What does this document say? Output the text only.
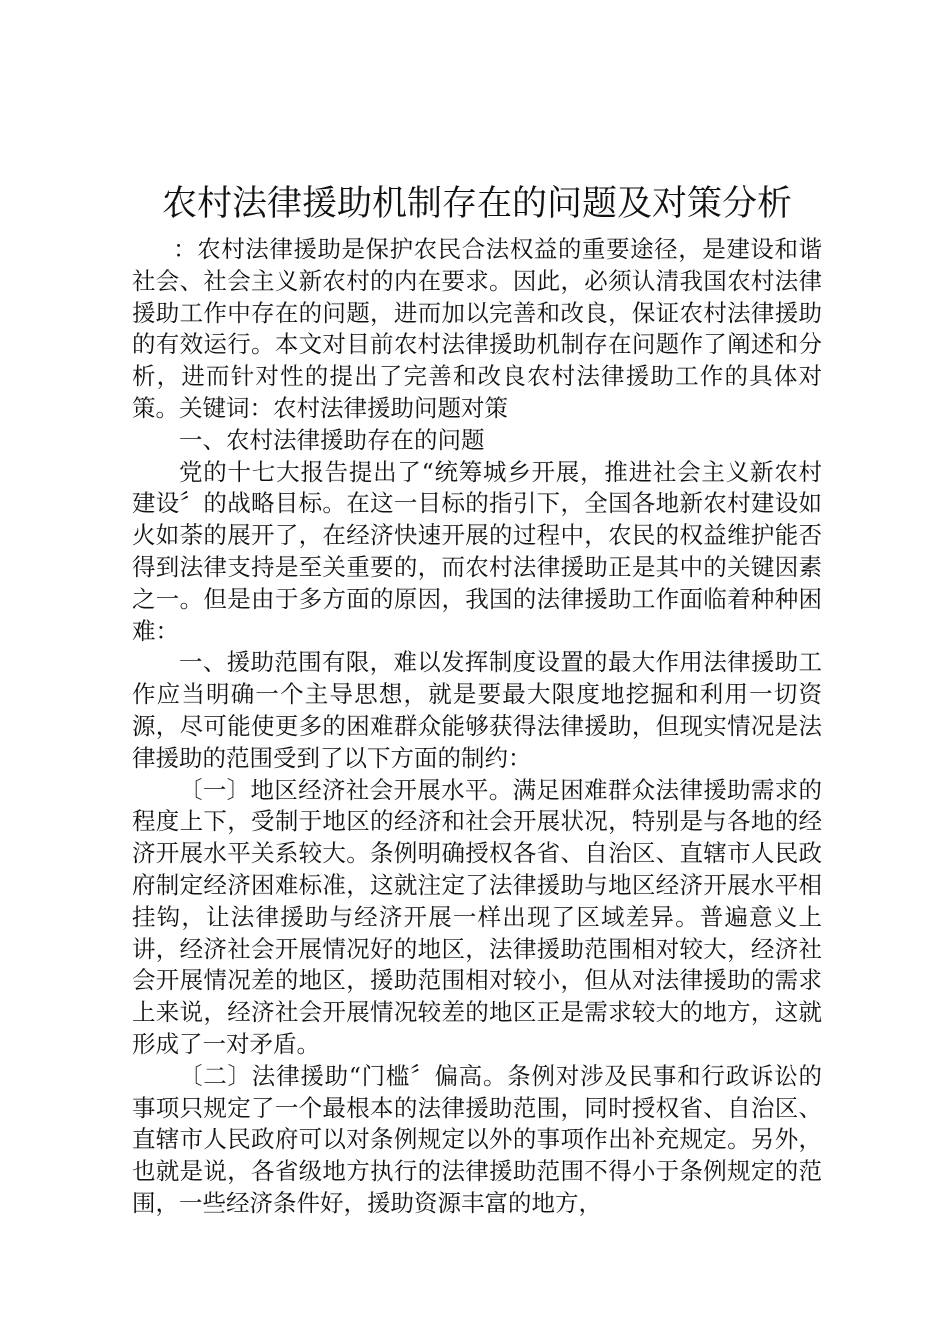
农村法律援助机制存在的问题及对策分析

：农村法律援助是保护农民合法权益的重要途径，是建设和谐社会、社会主义新农村的内在要求。因此，必须认清我国农村法律援助工作中存在的问题，进而加以完善和改良，保证农村法律援助的有效运行。本文对目前农村法律援助机制存在问题作了阐述和分析，进而针对性的提出了完善和改良农村法律援助工作的具体对策。关键词：农村法律援助问题对策

一、农村法律援助存在的问题

党的十七大报告提出了“统筹城乡开展，推进社会主义新农村建设〞的战略目标。在这一目标的指引下，全国各地新农村建设如火如荼的展开了，在经济快速开展的过程中，农民的权益维护能否得到法律支持是至关重要的，而农村法律援助正是其中的关键因素之一。但是由于多方面的原因，我国的法律援助工作面临着种种困难：

一、援助范围有限，难以发挥制度设置的最大作用法律援助工作应当明确一个主导思想，就是要最大限度地挖掘和利用一切资源，尽可能使更多的困难群众能够获得法律援助，但现实情况是法律援助的范围受到了以下方面的制约：

〔一〕地区经济社会开展水平。满足困难群众法律援助需求的程度上下，受制于地区的经济和社会开展状况，特别是与各地的经济开展水平关系较大。条例明确授权各省、自治区、直辖市人民政府制定经济困难标准，这就注定了法律援助与地区经济开展水平相挂钩，让法律援助与经济开展一样出现了区域差异。普遍意义上讲，经济社会开展情况好的地区，法律援助范围相对较大，经济社会开展情况差的地区，援助范围相对较小，但从对法律援助的需求上来说，经济社会开展情况较差的地区正是需求较大的地方，这就形成了一对矛盾。

〔二〕法律援助“门槛〞偏高。条例对涉及民事和行政诉讼的事项只规定了一个最根本的法律援助范围，同时授权省、自治区、直辖市人民政府可以对条例规定以外的事项作出补充规定。另外，也就是说，各省级地方执行的法律援助范围不得小于条例规定的范围，一些经济条件好，援助资源丰富的地方，
